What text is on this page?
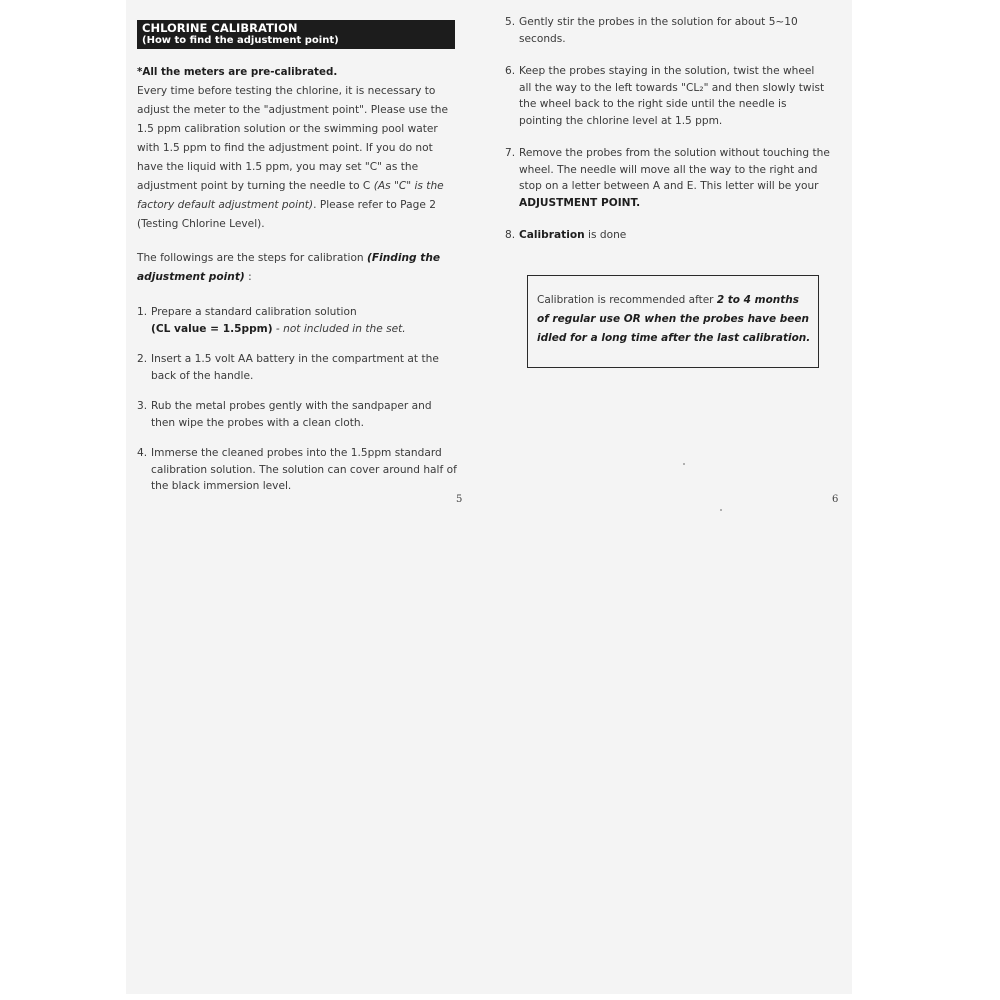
CHLORINE CALIBRATION
(How to find the adjustment point)

*All the meters are pre-calibrated.

Every time before testing the chlorine, it is necessary to adjust the meter to the "adjustment point". Please use the 1.5 ppm calibration solution or the swimming pool water with 1.5 ppm to find the adjustment point. If you do not have the liquid with 1.5 ppm, you may set "C" as the adjustment point by turning the needle to C (As "C" is the factory default adjustment point). Please refer to Page 2 (Testing Chlorine Level).

The followings are the steps for calibration (Finding the adjustment point) :

1. Prepare a standard calibration solution
(CL value = 1.5ppm) - not included in the set.
2. Insert a 1.5 volt AA battery in the compartment at the back of the handle.
3. Rub the metal probes gently with the sandpaper and then wipe the probes with a clean cloth.
4. Immerse the cleaned probes into the 1.5ppm standard calibration solution. The solution can cover around half of the black immersion level.
5
5. Gently stir the probes in the solution for about 5~10 seconds.
6. Keep the probes staying in the solution, twist the wheel all the way to the left towards "CL₂" and then slowly twist the wheel back to the right side until the needle is pointing the chlorine level at 1.5 ppm.
7. Remove the probes from the solution without touching the wheel. The needle will move all the way to the right and stop on a letter between A and E. This letter will be your ADJUSTMENT POINT.
8. Calibration is done
Calibration is recommended after 2 to 4 months of regular use OR when the probes have been idled for a long time after the last calibration.
6
